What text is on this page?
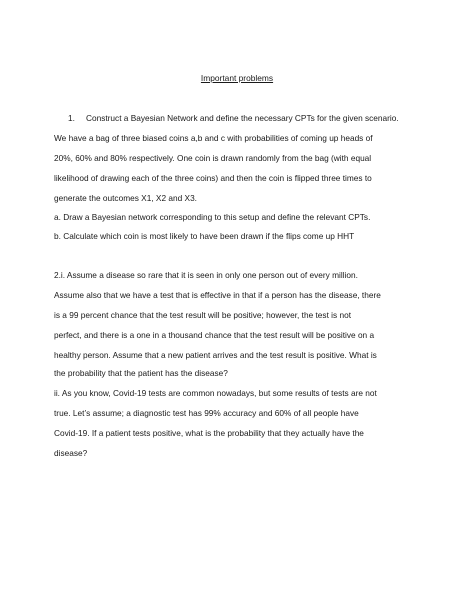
Important problems
1. Construct a Bayesian Network and define the necessary CPTs for the given scenario.
We have a bag of three biased coins a,b and c with probabilities of coming up heads of
20%, 60% and 80% respectively. One coin is drawn randomly from the bag (with equal
likelihood of drawing each of the three coins) and then the coin is flipped three times to
generate the outcomes X1, X2 and X3.
a. Draw a Bayesian network corresponding to this setup and define the relevant CPTs.
b. Calculate which coin is most likely to have been drawn if the flips come up HHT
2.i. Assume a disease so rare that it is seen in only one person out of every million.
Assume also that we have a test that is effective in that if a person has the disease, there
is a 99 percent chance that the test result will be positive; however, the test is not
perfect, and there is a one in a thousand chance that the test result will be positive on a
healthy person. Assume that a new patient arrives and the test result is positive. What is
the probability that the patient has the disease?
ii. As you know, Covid-19 tests are common nowadays, but some results of tests are not
true. Let’s assume; a diagnostic test has 99% accuracy and 60% of all people have
Covid-19. If a patient tests positive, what is the probability that they actually have the
disease?
